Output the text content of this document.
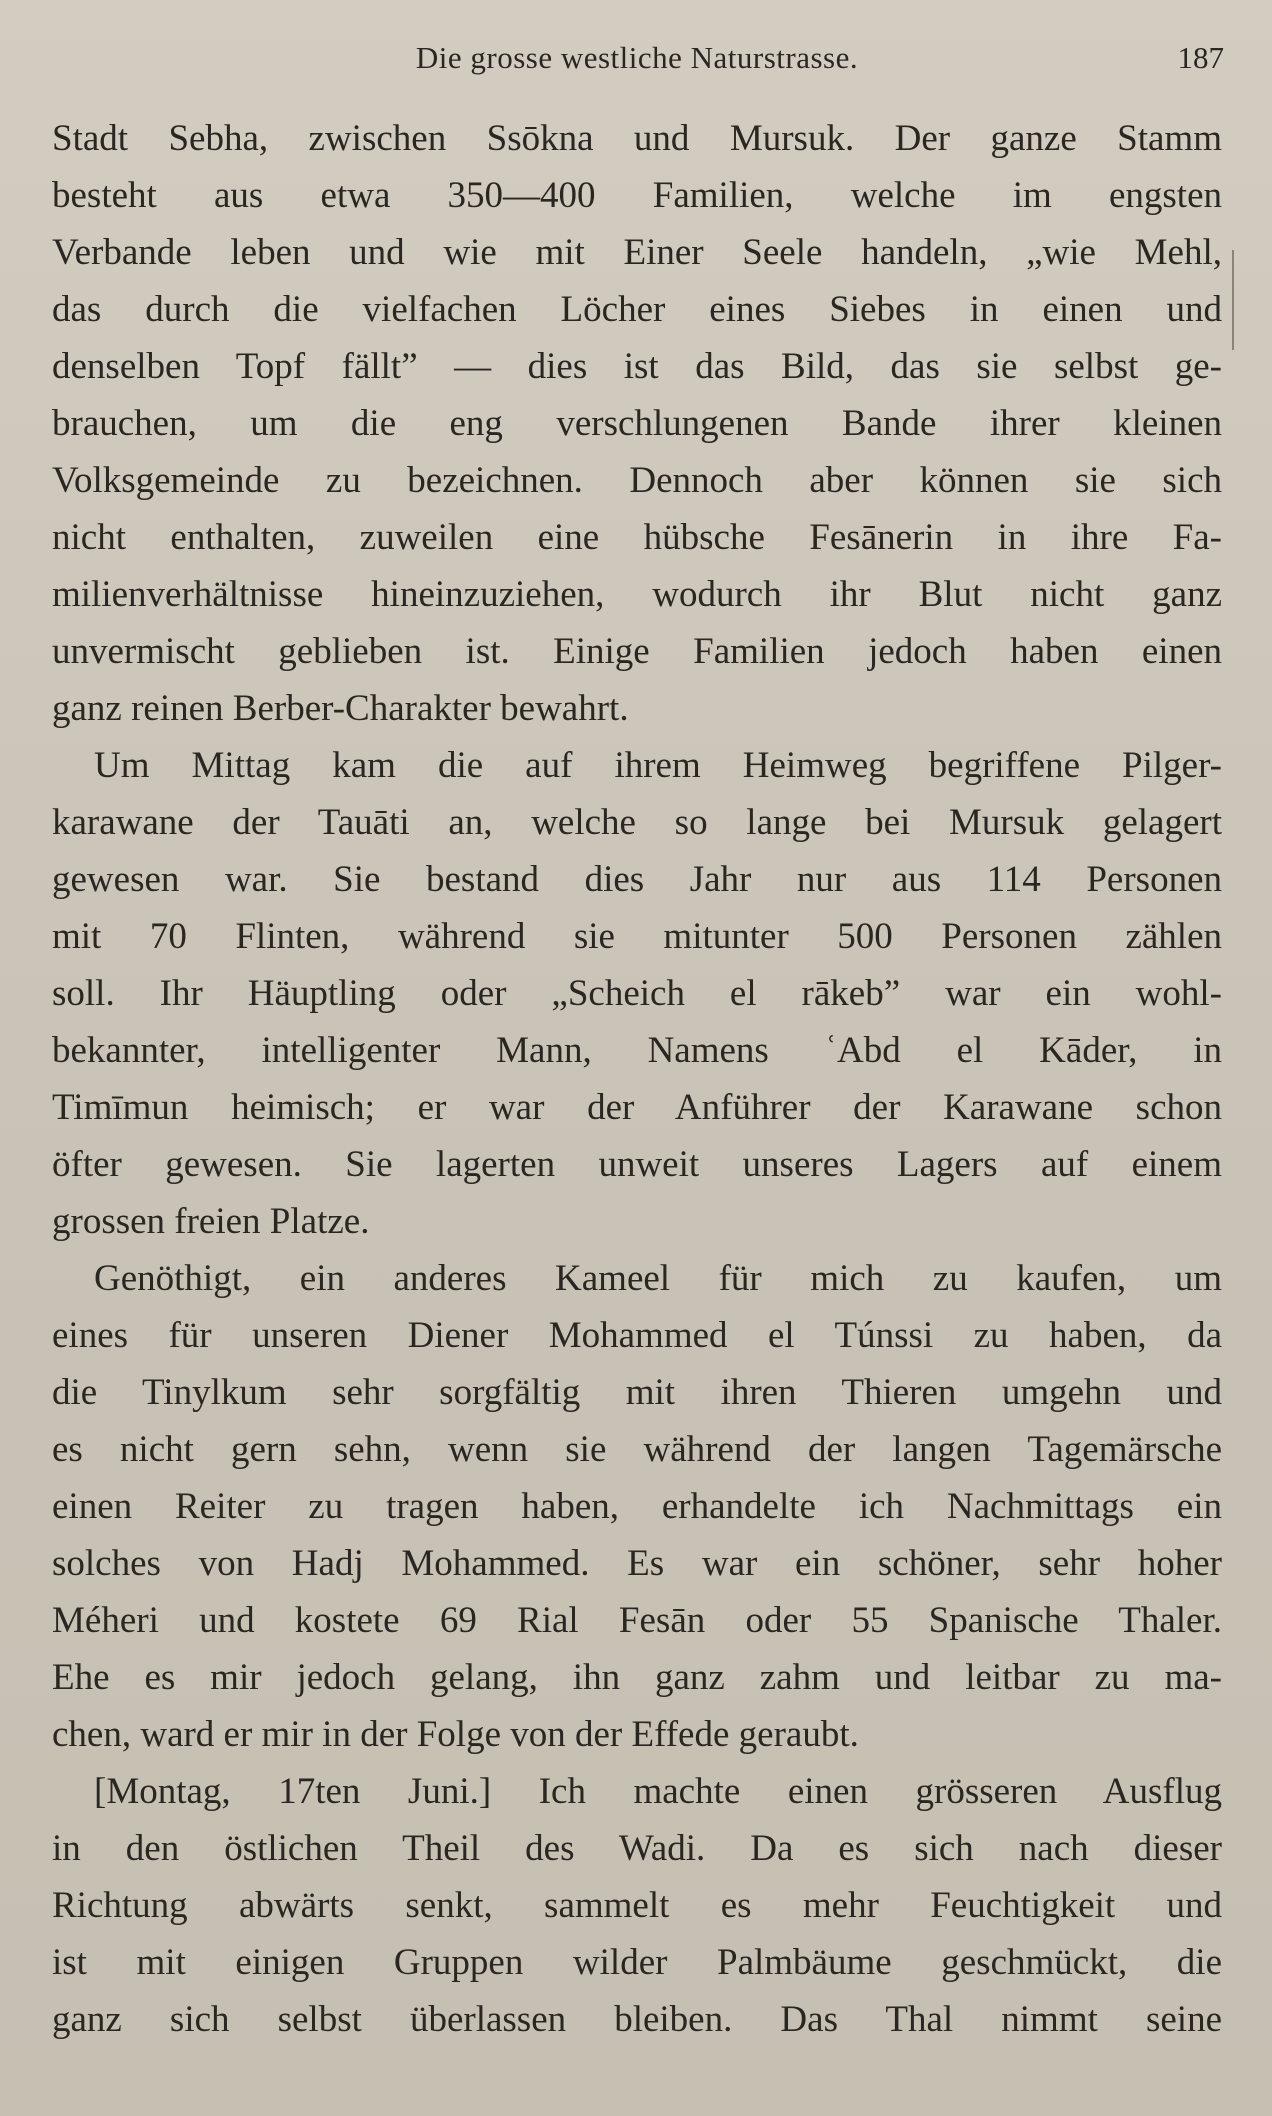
Die grosse westliche Naturstrasse.	187
Stadt Sebha, zwischen Ssōkna und Mursuk. Der ganze Stamm
besteht aus etwa 350—400 Familien, welche im engsten
Verbande leben und wie mit Einer Seele handeln, „wie Mehl,
das durch die vielfachen Löcher eines Siebes in einen und
denselben Topf fällt” — dies ist das Bild, das sie selbst ge-
brauchen, um die eng verschlungenen Bande ihrer kleinen
Volksgemeinde zu bezeichnen. Dennoch aber können sie sich
nicht enthalten, zuweilen eine hübsche Fesānerin in ihre Fa-
milienverhältnisse hineinzuziehen, wodurch ihr Blut nicht ganz
unvermischt geblieben ist. Einige Familien jedoch haben einen
ganz reinen Berber-Charakter bewahrt.
Um Mittag kam die auf ihrem Heimweg begriffene Pilger-
karawane der Tauāti an, welche so lange bei Mursuk gelagert
gewesen war. Sie bestand dies Jahr nur aus 114 Personen
mit 70 Flinten, während sie mitunter 500 Personen zählen
soll. Ihr Häuptling oder „Scheich el rākeb” war ein wohl-
bekannter, intelligenter Mann, Namens ʿAbd el Kāder, in
Timīmun heimisch; er war der Anführer der Karawane schon
öfter gewesen. Sie lagerten unweit unseres Lagers auf einem
grossen freien Platze.
Genöthigt, ein anderes Kameel für mich zu kaufen, um
eines für unseren Diener Mohammed el Túnssi zu haben, da
die Tinylkum sehr sorgfältig mit ihren Thieren umgehn und
es nicht gern sehn, wenn sie während der langen Tagemärsche
einen Reiter zu tragen haben, erhandelte ich Nachmittags ein
solches von Hadj Mohammed. Es war ein schöner, sehr hoher
Méheri und kostete 69 Rial Fesān oder 55 Spanische Thaler.
Ehe es mir jedoch gelang, ihn ganz zahm und leitbar zu ma-
chen, ward er mir in der Folge von der Effede geraubt.
[Montag, 17ten Juni.] Ich machte einen grösseren Ausflug
in den östlichen Theil des Wadi. Da es sich nach dieser
Richtung abwärts senkt, sammelt es mehr Feuchtigkeit und
ist mit einigen Gruppen wilder Palmbäume geschmückt, die
ganz sich selbst überlassen bleiben. Das Thal nimmt seine
